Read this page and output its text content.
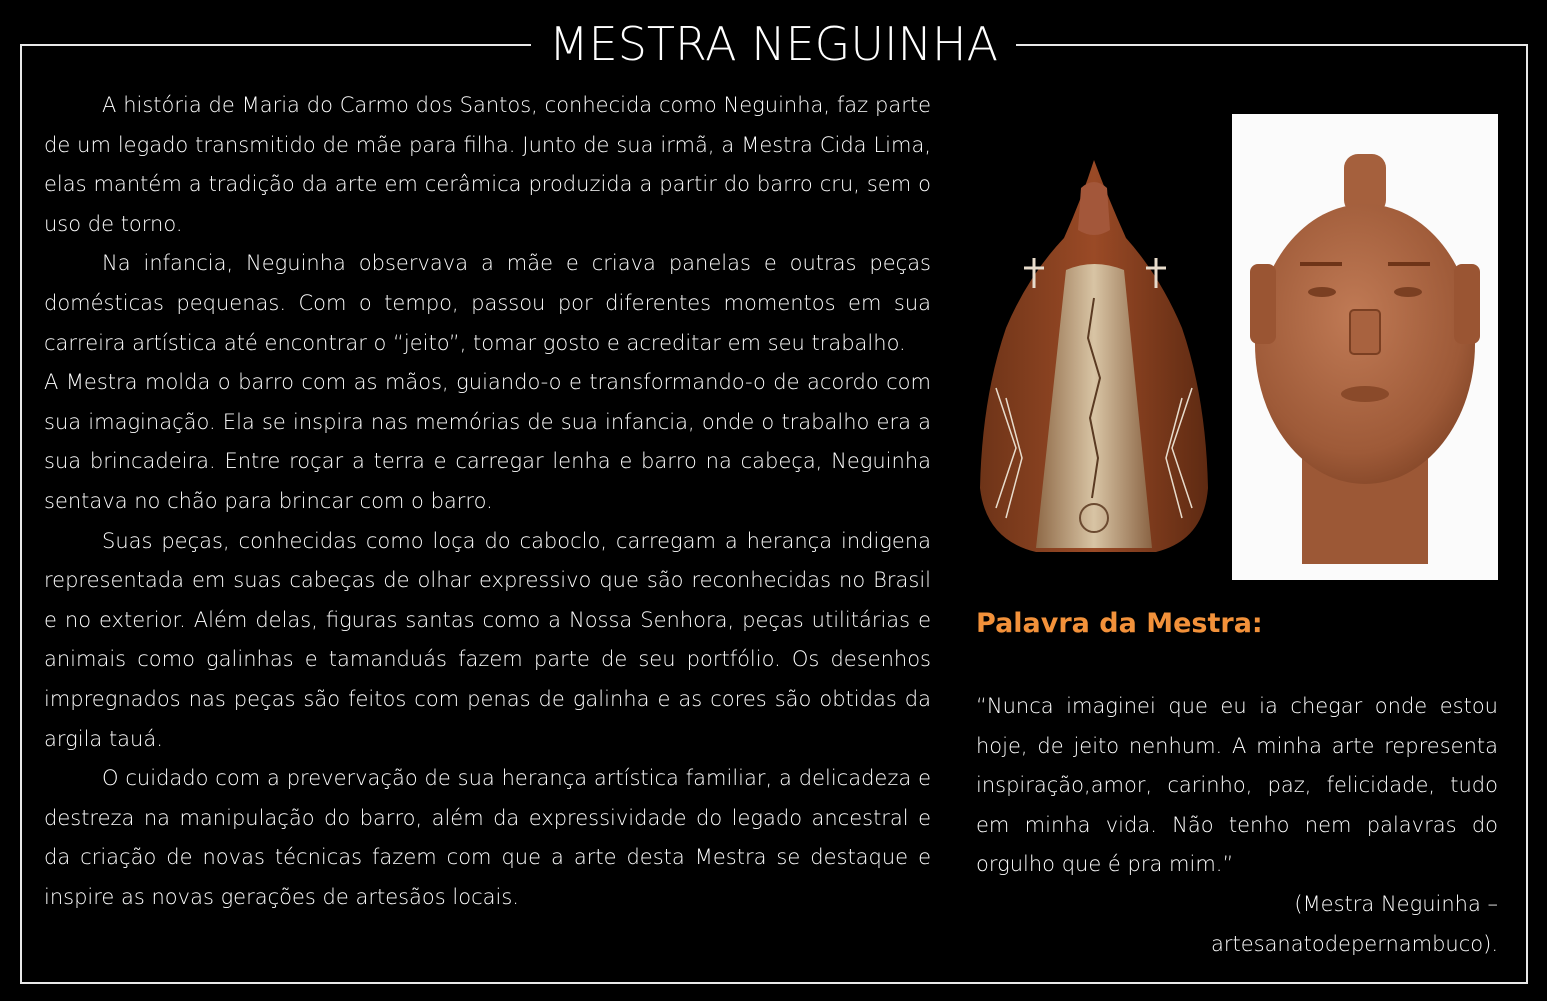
MESTRA NEGUINHA

A história de Maria do Carmo dos Santos, conhecida como Neguinha, faz parte de um legado transmitido de mãe para filha. Junto de sua irmã, a Mestra Cida Lima, elas mantém a tradição da arte em cerâmica produzida a partir do barro cru, sem o uso de torno.

Na infancia, Neguinha observava a mãe e criava panelas e outras peças domésticas pequenas. Com o tempo, passou por diferentes momentos em sua carreira artística até encontrar o “jeito”, tomar gosto e acreditar em seu trabalho.

A Mestra molda o barro com as mãos, guiando-o e transformando-o de acordo com sua imaginação. Ela se inspira nas memórias de sua infancia, onde o trabalho era a sua brincadeira. Entre roçar a terra e carregar lenha e barro na cabeça, Neguinha sentava no chão para brincar com o barro.

Suas peças, conhecidas como loça do caboclo, carregam a herança indigena representada em suas cabeças de olhar expressivo que são reconhecidas no Brasil e no exterior. Além delas, figuras santas como a Nossa Senhora, peças utilitárias e animais como galinhas e tamanduás fazem parte de seu portfólio. Os desenhos impregnados nas peças são feitos com penas de galinha e as cores são obtidas da argila tauá.

O cuidado com a prevervação de sua herança artística familiar, a delicadeza e destreza na manipulação do barro, além da expressividade do legado ancestral e da criação de novas técnicas fazem com que a arte desta Mestra se destaque e inspire as novas gerações de artesãos locais.

Palavra da Mestra:

“Nunca imaginei que eu ia chegar onde estou hoje, de jeito nenhum. A minha arte representa inspiração,amor, carinho, paz, felicidade, tudo em minha vida. Não tenho nem palavras do orgulho que é pra mim.”

(Mestra Neguinha –
artesanatodepernambuco).
